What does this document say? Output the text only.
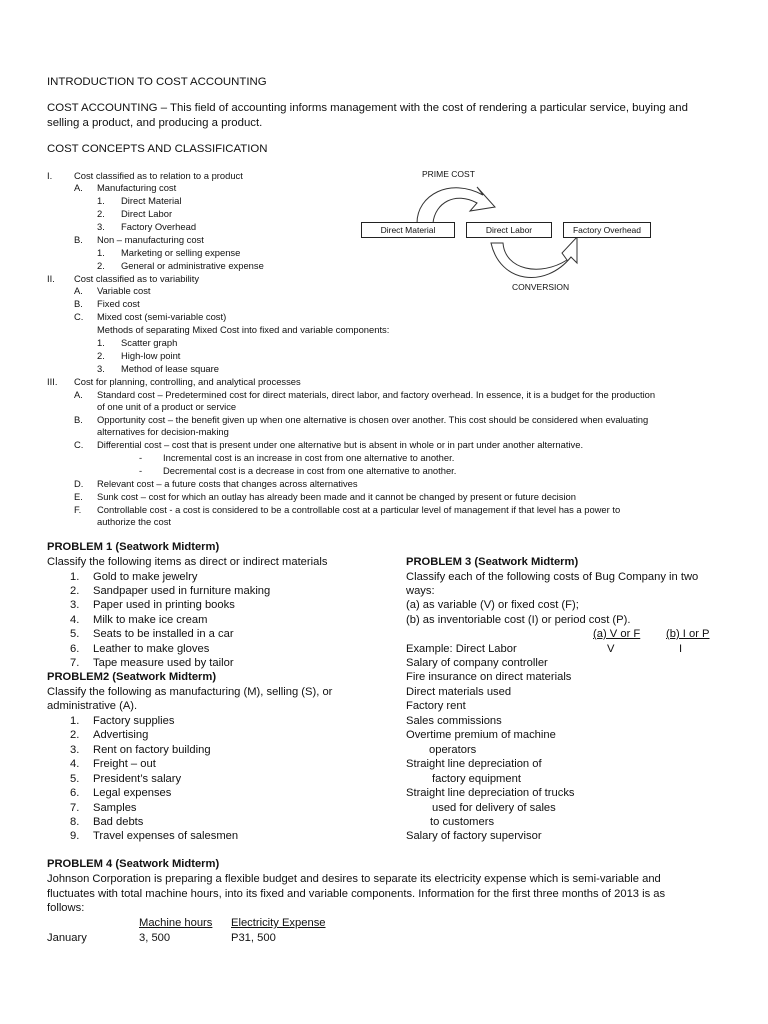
INTRODUCTION TO COST ACCOUNTING
COST ACCOUNTING – This field of accounting informs management with the cost of rendering a particular service, buying and
selling a product, and producing a product.
COST CONCEPTS AND CLASSIFICATION
I. Cost classified as to relation to a product
A. Manufacturing cost
1. Direct Material
2. Direct Labor
3. Factory Overhead
B. Non – manufacturing cost
1. Marketing or selling expense
2. General or administrative expense
II. Cost classified as to variability
A. Variable cost
B. Fixed cost
C. Mixed cost (semi-variable cost)
Methods of separating Mixed Cost into fixed and variable components:
1. Scatter graph
2. High-low point
3. Method of lease square
III. Cost for planning, controlling, and analytical processes
A. Standard cost – Predetermined cost for direct materials, direct labor, and factory overhead. In essence, it is a budget for the production
of one unit of a product or service
B. Opportunity cost – the benefit given up when one alternative is chosen over another. This cost should be considered when evaluating
alternatives for decision-making
C. Differential cost – cost that is present under one alternative but is absent in whole or in part under another alternative.
- Incremental cost is an increase in cost from one alternative to another.
- Decremental cost is a decrease in cost from one alternative to another.
D. Relevant cost – a future costs that changes across alternatives
E. Sunk cost – cost for which an outlay has already been made and it cannot be changed by present or future decision
F. Controllable cost - a cost is considered to be a controllable cost at a particular level of management if that level has a power to
authorize the cost
PRIME COST
Direct Material	Direct Labor	Factory Overhead
CONVERSION
PROBLEM 1 (Seatwork Midterm)
Classify the following items as direct or indirect materials
1. Gold to make jewelry
2. Sandpaper used in furniture making
3. Paper used in printing books
4. Milk to make ice cream
5. Seats to be installed in a car
6. Leather to make gloves
7. Tape measure used by tailor
PROBLEM2 (Seatwork Midterm)
Classify the following as manufacturing (M), selling (S), or
administrative (A).
1. Factory supplies
2. Advertising
3. Rent on factory building
4. Freight – out
5. President’s salary
6. Legal expenses
7. Samples
8. Bad debts
9. Travel expenses of salesmen
PROBLEM 3 (Seatwork Midterm)
Classify each of the following costs of Bug Company in two
ways:
(a) as variable (V) or fixed cost (F);
(b) as inventoriable cost (I) or period cost (P).
(a) V or F (b) I or P
Example: Direct Labor	V	I
Salary of company controller
Fire insurance on direct materials
Direct materials used
Factory rent
Sales commissions
Overtime premium of machine
operators
Straight line depreciation of
factory equipment
Straight line depreciation of trucks
used for delivery of sales
to customers
Salary of factory supervisor
PROBLEM 4 (Seatwork Midterm)
Johnson Corporation is preparing a flexible budget and desires to separate its electricity expense which is semi-variable and
fluctuates with total machine hours, into its fixed and variable components. Information for the first three months of 2013 is as
follows:
Machine hours Electricity Expense
January	3, 500	P31, 500
